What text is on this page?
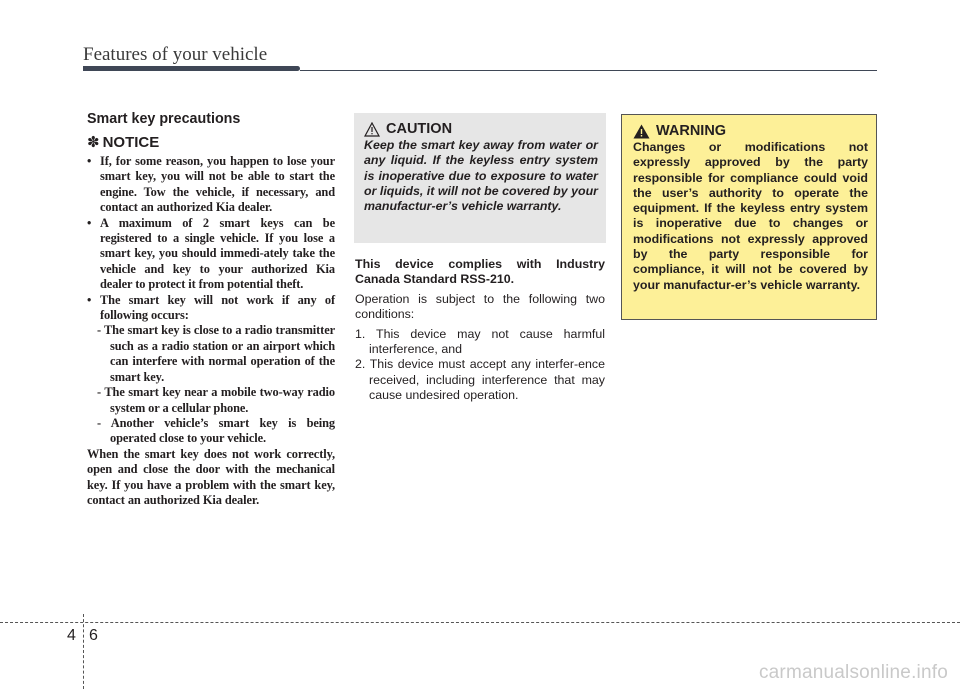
Features of your vehicle
Smart key precautions
✽ NOTICE

• If, for some reason, you happen to lose your smart key, you will not be able to start the engine. Tow the vehicle, if necessary, and contact an authorized Kia dealer.

• A maximum of 2 smart keys can be registered to a single vehicle. If you lose a smart key, you should immedi-ately take the vehicle and key to your authorized Kia dealer to protect it from potential theft.

• The smart key will not work if any of following occurs:

- The smart key is close to a radio transmitter such as a radio station or an airport which can interfere with normal operation of the smart key.

- The smart key near a mobile two-way radio system or a cellular phone.

- Another vehicle’s smart key is being operated close to your vehicle.

When the smart key does not work correctly, open and close the door with the mechanical key. If you have a problem with the smart key, contact an authorized Kia dealer.

CAUTION
Keep the smart key away from water or any liquid. If the keyless entry system is inoperative due to exposure to water or liquids, it will not be covered by your manufactur-er’s vehicle warranty.

This device complies with Industry Canada Standard RSS-210.

Operation is subject to the following two conditions:

1. This device may not cause harmful interference, and

2. This device must accept any interfer-ence received, including interference that may cause undesired operation.

WARNING
Changes or modifications not expressly approved by the party responsible for compliance could void the user’s authority to operate the equipment. If the keyless entry system is inoperative due to changes or modifications not expressly approved by the party responsible for compliance, it will not be covered by your manufactur-er’s vehicle warranty.
4 6
carmanualsonline.info
